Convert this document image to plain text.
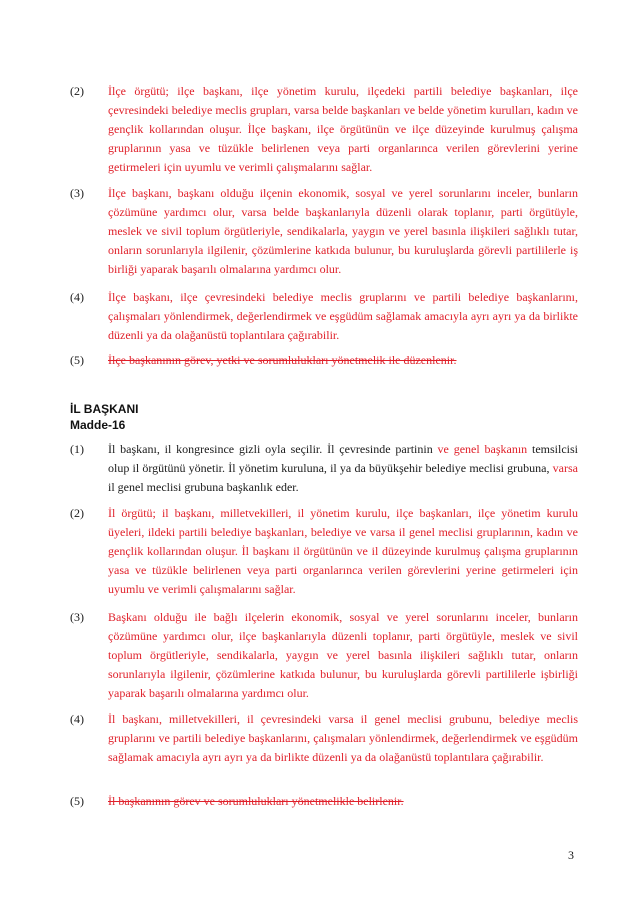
(2)	İlçe örgütü; ilçe başkanı, ilçe yönetim kurulu, ilçedeki partili belediye başkanları, ilçe çevresindeki belediye meclis grupları, varsa belde başkanları ve belde yönetim kurulları, kadın ve gençlik kollarından oluşur. İlçe başkanı, ilçe örgütünün ve ilçe düzeyinde kurulmuş çalışma gruplarının yasa ve tüzükle belirlenen veya parti organlarınca verilen görevlerini yerine getirmeleri için uyumlu ve verimli çalışmalarını sağlar.
(3)	İlçe başkanı, başkanı olduğu ilçenin ekonomik, sosyal ve yerel sorunlarını inceler, bunların çözümüne yardımcı olur, varsa belde başkanlarıyla düzenli olarak toplanır, parti örgütüyle, meslek ve sivil toplum örgütleriyle, sendikalarla, yaygın ve yerel basınla ilişkileri sağlıklı tutar, onların sorunlarıyla ilgilenir, çözümlerine katkıda bulunur, bu kuruluşlarda görevli partililerle iş birliği yaparak başarılı olmalarına yardımcı olur.
(4)	İlçe başkanı, ilçe çevresindeki belediye meclis gruplarını ve partili belediye başkanlarını, çalışmaları yönlendirmek, değerlendirmek ve eşgüdüm sağlamak amacıyla ayrı ayrı ya da birlikte düzenli ya da olağanüstü toplantılara çağırabilir.
(5)	İlçe başkanının görev, yetki ve sorumlulukları yönetmelik ile düzenlenir.
İL BAŞKANI
Madde-16
(1)	İl başkanı, il kongresince gizli oyla seçilir. İl çevresinde partinin ve genel başkanın temsilcisi olup il örgütünü yönetir. İl yönetim kuruluna, il ya da büyükşehir belediye meclisi grubuna, varsa il genel meclisi grubuna başkanlık eder.
(2)	İl örgütü; il başkanı, milletvekilleri, il yönetim kurulu, ilçe başkanları, ilçe yönetim kurulu üyeleri, ildeki partili belediye başkanları, belediye ve varsa il genel meclisi gruplarının, kadın ve gençlik kollarından oluşur. İl başkanı il örgütünün ve il düzeyinde kurulmuş çalışma gruplarının yasa ve tüzükle belirlenen veya parti organlarınca verilen görevlerini yerine getirmeleri için uyumlu ve verimli çalışmalarını sağlar.
(3)	Başkanı olduğu ile bağlı ilçelerin ekonomik, sosyal ve yerel sorunlarını inceler, bunların çözümüne yardımcı olur, ilçe başkanlarıyla düzenli toplanır, parti örgütüyle, meslek ve sivil toplum örgütleriyle, sendikalarla, yaygın ve yerel basınla ilişkileri sağlıklı tutar, onların sorunlarıyla ilgilenir, çözümlerine katkıda bulunur, bu kuruluşlarda görevli partililerle işbirliği yaparak başarılı olmalarına yardımcı olur.
(4)	İl başkanı, milletvekilleri, il çevresindeki varsa il genel meclisi grubunu, belediye meclis gruplarını ve partili belediye başkanlarını, çalışmaları yönlendirmek, değerlendirmek ve eşgüdüm sağlamak amacıyla ayrı ayrı ya da birlikte düzenli ya da olağanüstü toplantılara çağırabilir.
(5)	İl başkanının görev ve sorumlulukları yönetmelikle belirlenir.
3
